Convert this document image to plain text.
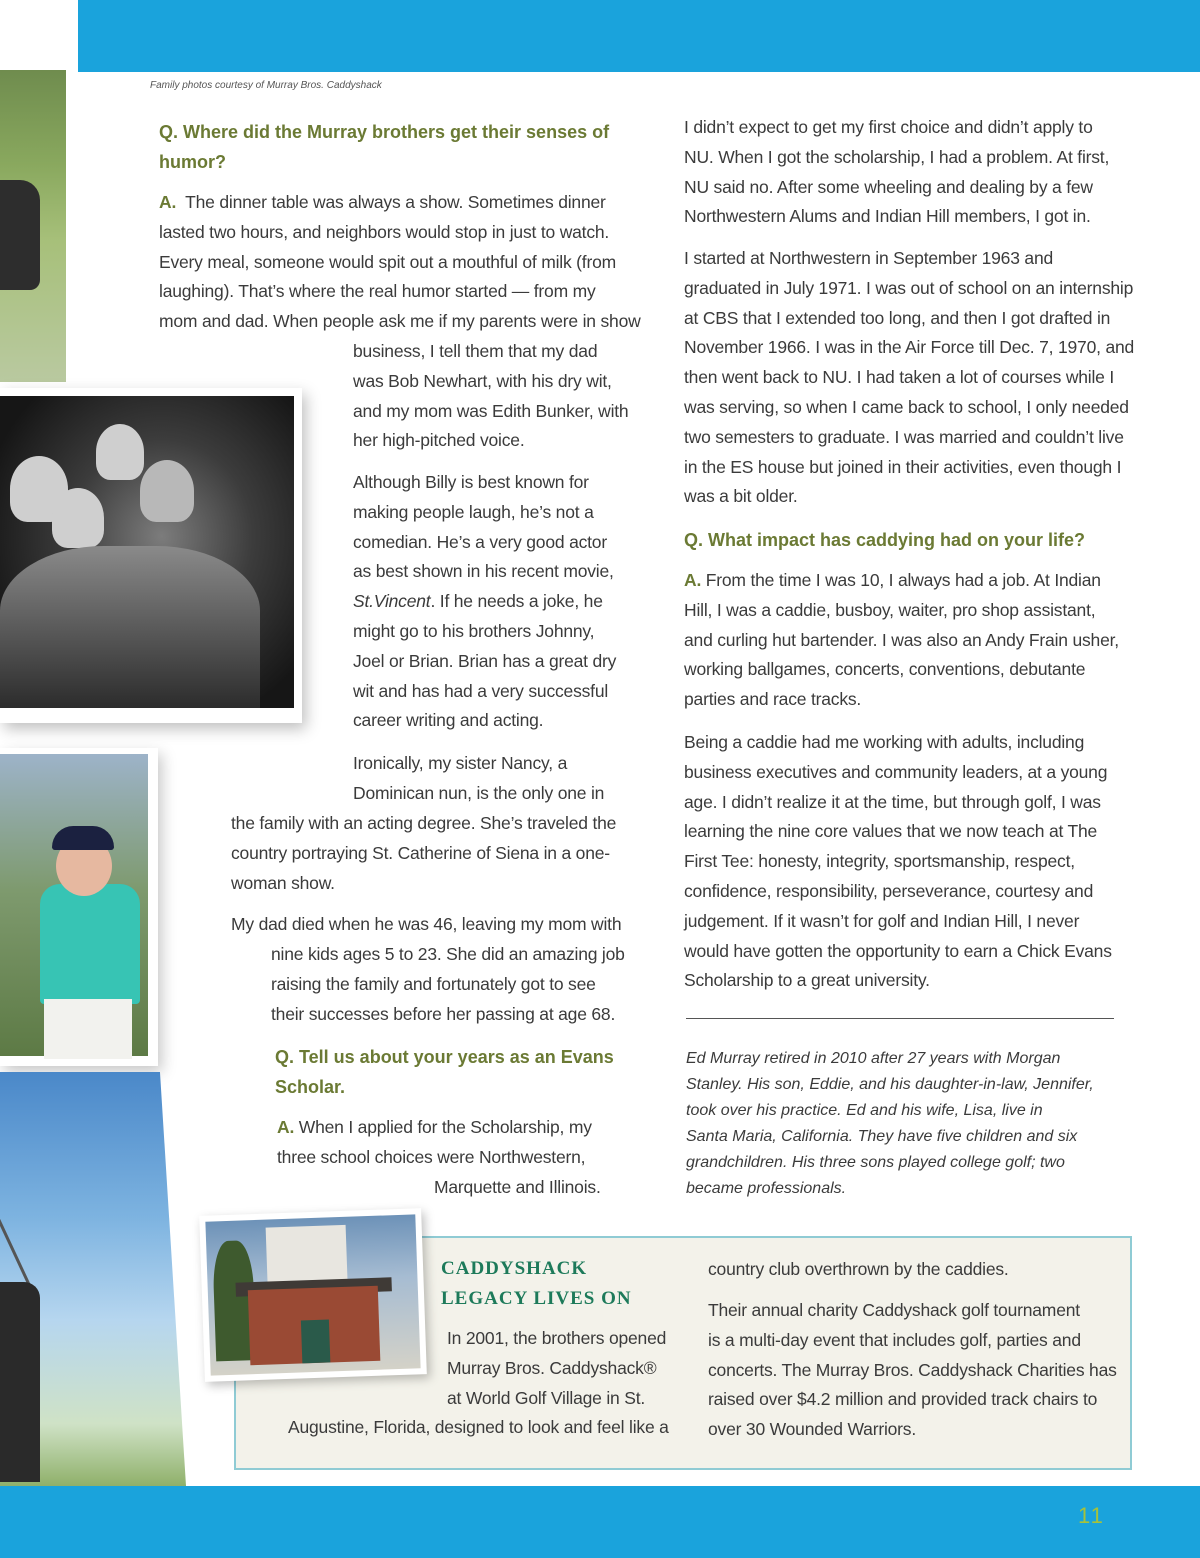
Family photos courtesy of Murray Bros. Caddyshack

Q. Where did the Murray brothers get their senses of
humor?

A. The dinner table was always a show. Sometimes dinner
lasted two hours, and neighbors would stop in just to watch.
Every meal, someone would spit out a mouthful of milk (from
laughing). That’s where the real humor started — from my
mom and dad. When people ask me if my parents were in show

business, I tell them that my dad
was Bob Newhart, with his dry wit,
and my mom was Edith Bunker, with
her high-pitched voice.

Although Billy is best known for
making people laugh, he’s not a
comedian. He’s a very good actor
as best shown in his recent movie,
St.Vincent. If he needs a joke, he
might go to his brothers Johnny,
Joel or Brian. Brian has a great dry
wit and has had a very successful
career writing and acting.

Ironically, my sister Nancy, a
Dominican nun, is the only one in

the family with an acting degree. She’s traveled the
country portraying St. Catherine of Siena in a one-
woman show.

My dad died when he was 46, leaving my mom with

nine kids ages 5 to 23. She did an amazing job
raising the family and fortunately got to see
their successes before her passing at age 68.

Q. Tell us about your years as an Evans
Scholar.

A. When I applied for the Scholarship, my
three school choices were Northwestern,

Marquette and Illinois.

I didn’t expect to get my first choice and didn’t apply to
NU. When I got the scholarship, I had a problem. At first,
NU said no. After some wheeling and dealing by a few
Northwestern Alums and Indian Hill members, I got in.

I started at Northwestern in September 1963 and
graduated in July 1971. I was out of school on an internship
at CBS that I extended too long, and then I got drafted in
November 1966. I was in the Air Force till Dec. 7, 1970, and
then went back to NU. I had taken a lot of courses while I
was serving, so when I came back to school, I only needed
two semesters to graduate. I was married and couldn’t live
in the ES house but joined in their activities, even though I
was a bit older.

Q. What impact has caddying had on your life?

A. From the time I was 10, I always had a job. At Indian
Hill, I was a caddie, busboy, waiter, pro shop assistant,
and curling hut bartender. I was also an Andy Frain usher,
working ballgames, concerts, conventions, debutante
parties and race tracks.

Being a caddie had me working with adults, including
business executives and community leaders, at a young
age. I didn’t realize it at the time, but through golf, I was
learning the nine core values that we now teach at The
First Tee: honesty, integrity, sportsmanship, respect,
confidence, responsibility, perseverance, courtesy and
judgement. If it wasn’t for golf and Indian Hill, I never
would have gotten the opportunity to earn a Chick Evans
Scholarship to a great university.

Ed Murray retired in 2010 after 27 years with Morgan
Stanley. His son, Eddie, and his daughter-in-law, Jennifer,
took over his practice. Ed and his wife, Lisa, live in
Santa Maria, California. They have five children and six
grandchildren. His three sons played college golf; two
became professionals.

CADDYSHACK
LEGACY LIVES ON

In 2001, the brothers opened
Murray Bros. Caddyshack®
at World Golf Village in St.

Augustine, Florida, designed to look and feel like a

country club overthrown by the caddies.

Their annual charity Caddyshack golf tournament
is a multi-day event that includes golf, parties and
concerts. The Murray Bros. Caddyshack Charities has
raised over $4.2 million and provided track chairs to
over 30 Wounded Warriors.

11
